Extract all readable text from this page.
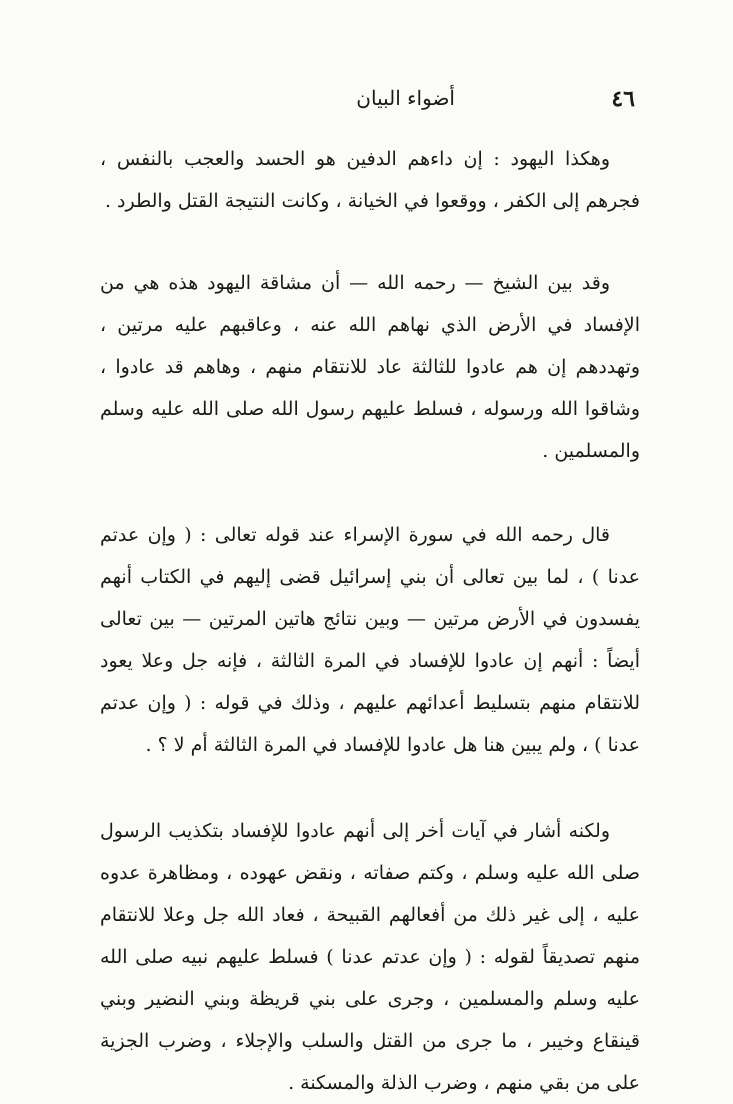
٤٦
أضواء البيان

وهكذا اليهود : إن داءهم الدفين هو الحسد والعجب بالنفس ، فجرهم إلى الكفر ، ووقعوا في الخيانة ، وكانت النتيجة القتل والطرد .

وقد بين الشيخ — رحمه الله — أن مشاقة اليهود هذه هي من الإفساد في الأرض الذي نهاهم الله عنه ، وعاقبهم عليه مرتين ، وتهددهم إن هم عادوا للثالثة عاد للانتقام منهم ، وهاهم قد عادوا ، وشاقوا الله ورسوله ، فسلط عليهم رسول الله صلى الله عليه وسلم والمسلمين .

قال رحمه الله في سورة الإسراء عند قوله تعالى : ( وإن عدتم عدنا ) ، لما بين تعالى أن بني إسرائيل قضى إليهم في الكتاب أنهم يفسدون في الأرض مرتين — وبين نتائج هاتين المرتين — بين تعالى أيضاً : أنهم إن عادوا للإفساد في المرة الثالثة ، فإنه جل وعلا يعود للانتقام منهم بتسليط أعدائهم عليهم ، وذلك في قوله : ( وإن عدتم عدنا ) ، ولم يبين هنا هل عادوا للإفساد في المرة الثالثة أم لا ؟ .

ولكنه أشار في آيات أخر إلى أنهم عادوا للإفساد بتكذيب الرسول صلى الله عليه وسلم ، وكتم صفاته ، ونقض عهوده ، ومظاهرة عدوه عليه ، إلى غير ذلك من أفعالهم القبيحة ، فعاد الله جل وعلا للانتقام منهم تصديقاً لقوله : ( وإن عدتم عدنا ) فسلط عليهم نبيه صلى الله عليه وسلم والمسلمين ، وجرى على بني قريظة وبني النضير وبني قينقاع وخيبر ، ما جرى من القتل والسلب والإجلاء ، وضرب الجزية على من بقي منهم ، وضرب الذلة والمسكنة .
